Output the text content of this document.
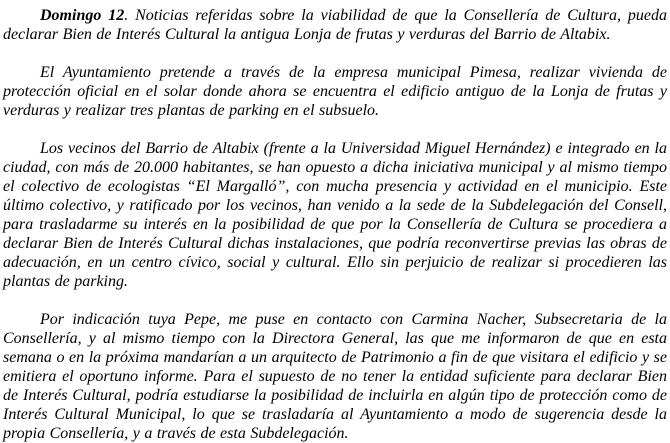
Domingo 12. Noticias referidas sobre la viabilidad de que la Consellería de Cultura, pueda declarar Bien de Interés Cultural la antigua Lonja de frutas y verduras del Barrio de Altabix.

El Ayuntamiento pretende a través de la empresa municipal Pimesa, realizar vivienda de protección oficial en el solar donde ahora se encuentra el edificio antiguo de la Lonja de frutas y verduras y realizar tres plantas de parking en el subsuelo.

Los vecinos del Barrio de Altabix (frente a la Universidad Miguel Hernández) e integrado en la ciudad, con más de 20.000 habitantes, se han opuesto a dicha iniciativa municipal y al mismo tiempo el colectivo de ecologistas “El Margalló”, con mucha presencia y actividad en el municipio. Este último colectivo, y ratificado por los vecinos, han venido a la sede de la Subdelegación del Consell, para trasladarme su interés en la posibilidad de que por la Consellería de Cultura se procediera a declarar Bien de Interés Cultural dichas instalaciones, que podría reconvertirse previas las obras de adecuación, en un centro cívico, social y cultural. Ello sin perjuicio de realizar si procedieren las plantas de parking.

Por indicación tuya Pepe, me puse en contacto con Carmina Nacher, Subsecretaria de la Consellería, y al mismo tiempo con la Directora General, las que me informaron de que en esta semana o en la próxima mandarían a un arquitecto de Patrimonio a fin de que visitara el edificio y se emitiera el oportuno informe. Para el supuesto de no tener la entidad suficiente para declarar Bien de Interés Cultural, podría estudiarse la posibilidad de incluirla en algún tipo de protección como de Interés Cultural Municipal, lo que se trasladaría al Ayuntamiento a modo de sugerencia desde la propia Consellería, y a través de esta Subdelegación.
